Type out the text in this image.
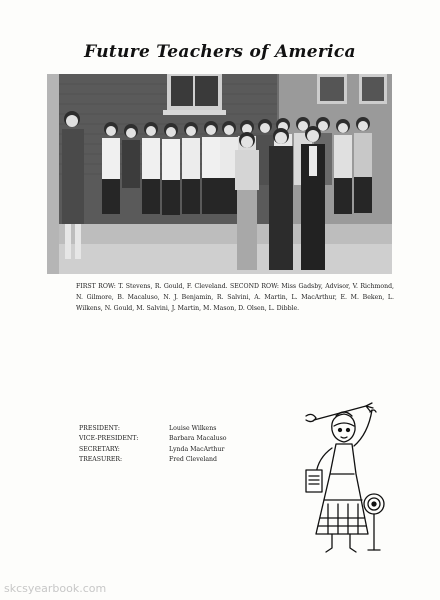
Future Teachers of America
FIRST ROW: T. Stevens, R. Gould, F. Cleveland. SECOND ROW: Miss Gadsby, Advisor, V. Richmond, N. Gilmore, B. Macaluso, N. J. Benjamin, R. Salvini, A. Martin, L. MacArthur, E. M. Beken, L. Wilkens, N. Gould, M. Salvini, J. Martin, M. Mason, D. Olsen, L. Dibble.
PRESIDENT:	Louise Wilkens
VICE-PRESIDENT:	Barbara Macaluso
SECRETARY:	Lynda MacArthur
TREASURER:	Fred Cleveland
skcsyearbook.com
